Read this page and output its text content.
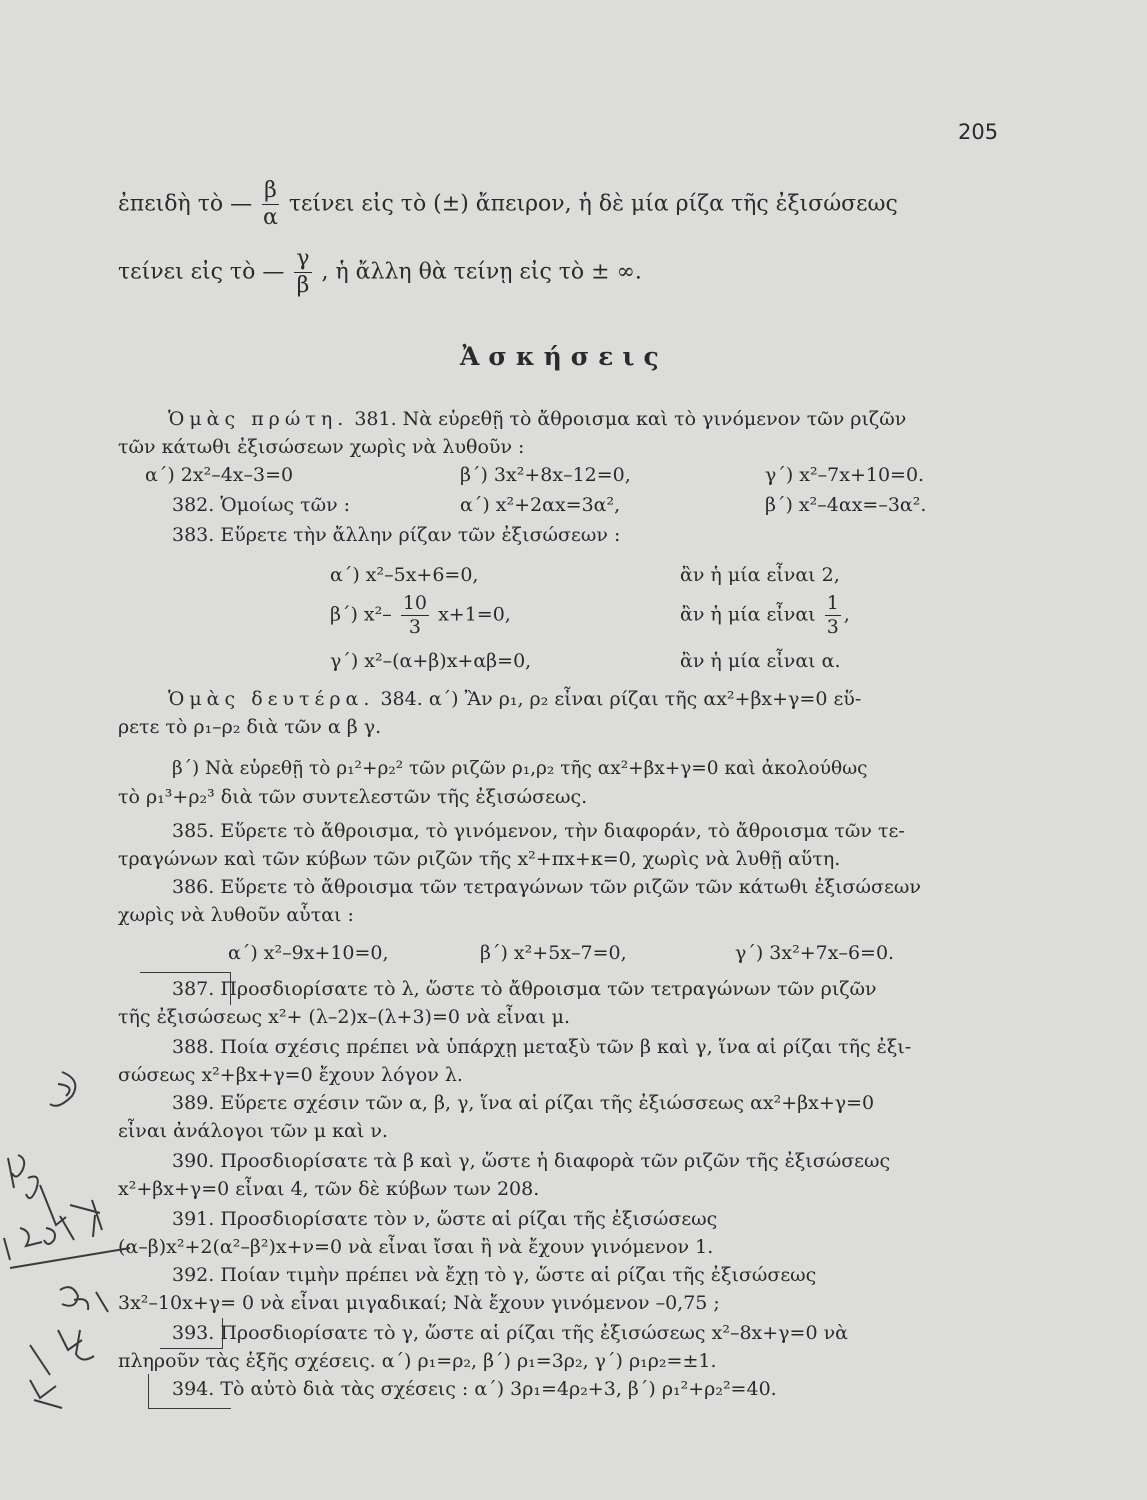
205
ἐπειδὴ τὸ — $\frac{\beta}{\alpha}$ τείνει εἰς τὸ (±) ἄπειρον, ἡ δὲ μία ρίζα τῆς ἐξισώσεως
τείνει εἰς τὸ — $\frac{\gamma}{\beta}$ , ἡ ἄλλη θὰ τείνῃ εἰς τὸ ± ∞.
Ἀσκήσεις
Ὁμὰς πρώτη. 381. Νὰ εὑρεθῇ τὸ ἄθροισμα καὶ τὸ γινόμενον τῶν ριζῶν
τῶν κάτωθι ἐξισώσεων χωρὶς νὰ λυθοῦν :
α΄) 2x²–4x–3=0	β΄) 3x²+8x–12=0,	γ΄) x²–7x+10=0.
382. Ὁμοίως τῶν :	α΄) x²+2αx=3α²,	β΄) x²–4αx=–3α².
383. Εὕρετε τὴν ἄλλην ρίζαν τῶν ἐξισώσεων :
α΄) x²–5x+6=0,	ἂν ἡ μία εἶναι 2,
β΄) $x^2- \frac{10}{3} x+1=0$,	ἂν ἡ μία εἶναι $\frac{1}{3}$ ,
γ΄) x²–(α+β)x+αβ=0,	ἂν ἡ μία εἶναι α.
Ὁμὰς δευτέρα. 384. α΄) Ἂν ρ₁, ρ₂ εἶναι ρίζαι τῆς αx²+βx+γ=0 εὕ-
ρετε τὸ ρ₁–ρ₂ διὰ τῶν α β γ.
β΄) Νὰ εὑρεθῇ τὸ ρ₁²+ρ₂² τῶν ριζῶν ρ₁,ρ₂ τῆς αx²+βx+γ=0 καὶ ἀκολούθως
τὸ ρ₁³+ρ₂³ διὰ τῶν συντελεστῶν τῆς ἐξισώσεως.
385. Εὕρετε τὸ ἄθροισμα, τὸ γινόμενον, τὴν διαφοράν, τὸ ἄθροισμα τῶν τε-
τραγώνων καὶ τῶν κύβων τῶν ριζῶν τῆς x²+πx+κ=0, χωρὶς νὰ λυθῇ αὕτη.
386. Εὕρετε τὸ ἄθροισμα τῶν τετραγώνων τῶν ριζῶν τῶν κάτωθι ἐξισώσεων
χωρὶς νὰ λυθοῦν αὗται :
α΄) x²–9x+10=0,	β΄) x²+5x–7=0,	γ΄) 3x²+7x–6=0.
387. Προσδιορίσατε τὸ λ, ὥστε τὸ ἄθροισμα τῶν τετραγώνων τῶν ριζῶν
τῆς ἐξισώσεως x²+ (λ–2)x–(λ+3)=0 νὰ εἶναι μ.
388. Ποία σχέσις πρέπει νὰ ὑπάρχῃ μεταξὺ τῶν β καὶ γ, ἵνα αἱ ρίζαι τῆς ἐξι-
σώσεως x²+βx+γ=0 ἔχουν λόγον λ.
389. Εὕρετε σχέσιν τῶν α, β, γ, ἵνα αἱ ρίζαι τῆς ἐξιώσσεως αx²+βx+γ=0
εἶναι ἀνάλογοι τῶν μ καὶ ν.
390. Προσδιορίσατε τὰ β καὶ γ, ὥστε ἡ διαφορὰ τῶν ριζῶν τῆς ἐξισώσεως
x²+βx+γ=0 εἶναι 4, τῶν δὲ κύβων των 208.
391. Προσδιορίσατε τὸν ν, ὥστε αἱ ρίζαι τῆς ἐξισώσεως
(α–β)x²+2(α²–β²)x+ν=0 νὰ εἶναι ἴσαι ἢ νὰ ἔχουν γινόμενον 1.
392. Ποίαν τιμὴν πρέπει νὰ ἔχῃ τὸ γ, ὥστε αἱ ρίζαι τῆς ἐξισώσεως
3x²–10x+γ= 0 νὰ εἶναι μιγαδικαί; Νὰ ἔχουν γινόμενον –0,75 ;
393. Προσδιορίσατε τὸ γ, ὥστε αἱ ρίζαι τῆς ἐξισώσεως x²–8x+γ=0 νὰ
πληροῦν τὰς ἑξῆς σχέσεις. α΄) ρ₁=ρ₂, β΄) ρ₁=3ρ₂, γ΄) ρ₁ρ₂=±1.
394. Τὸ αὐτὸ διὰ τὰς σχέσεις : α΄) 3ρ₁=4ρ₂+3, β΄) ρ₁²+ρ₂²=40.
